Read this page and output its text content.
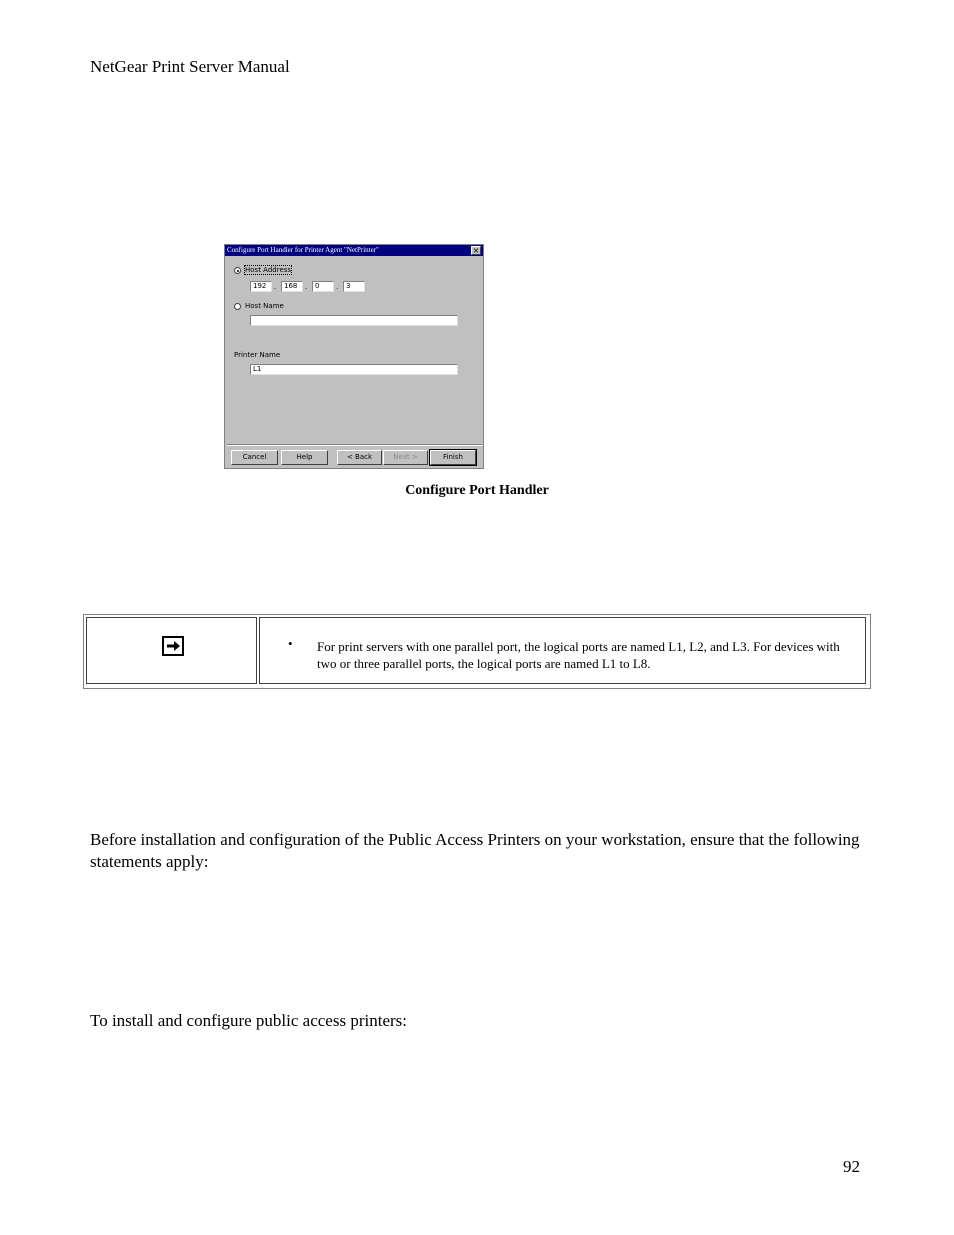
NetGear Print Server Manual
Configure Port Handler for Printer Agent "NetPrinter"	×
Host Address
192	.	168	.	0	.	3
Host Name
Printer Name
L1
Cancel	Help	< Back	Next >	Finish
Configure Port Handler
• For print servers with one parallel port, the logical ports are named L1, L2, and L3. For devices with two or three parallel ports, the logical ports are named L1 to L8.
Before installation and configuration of the Public Access Printers on your workstation, ensure that the following statements apply:
To install and configure public access printers:
92
